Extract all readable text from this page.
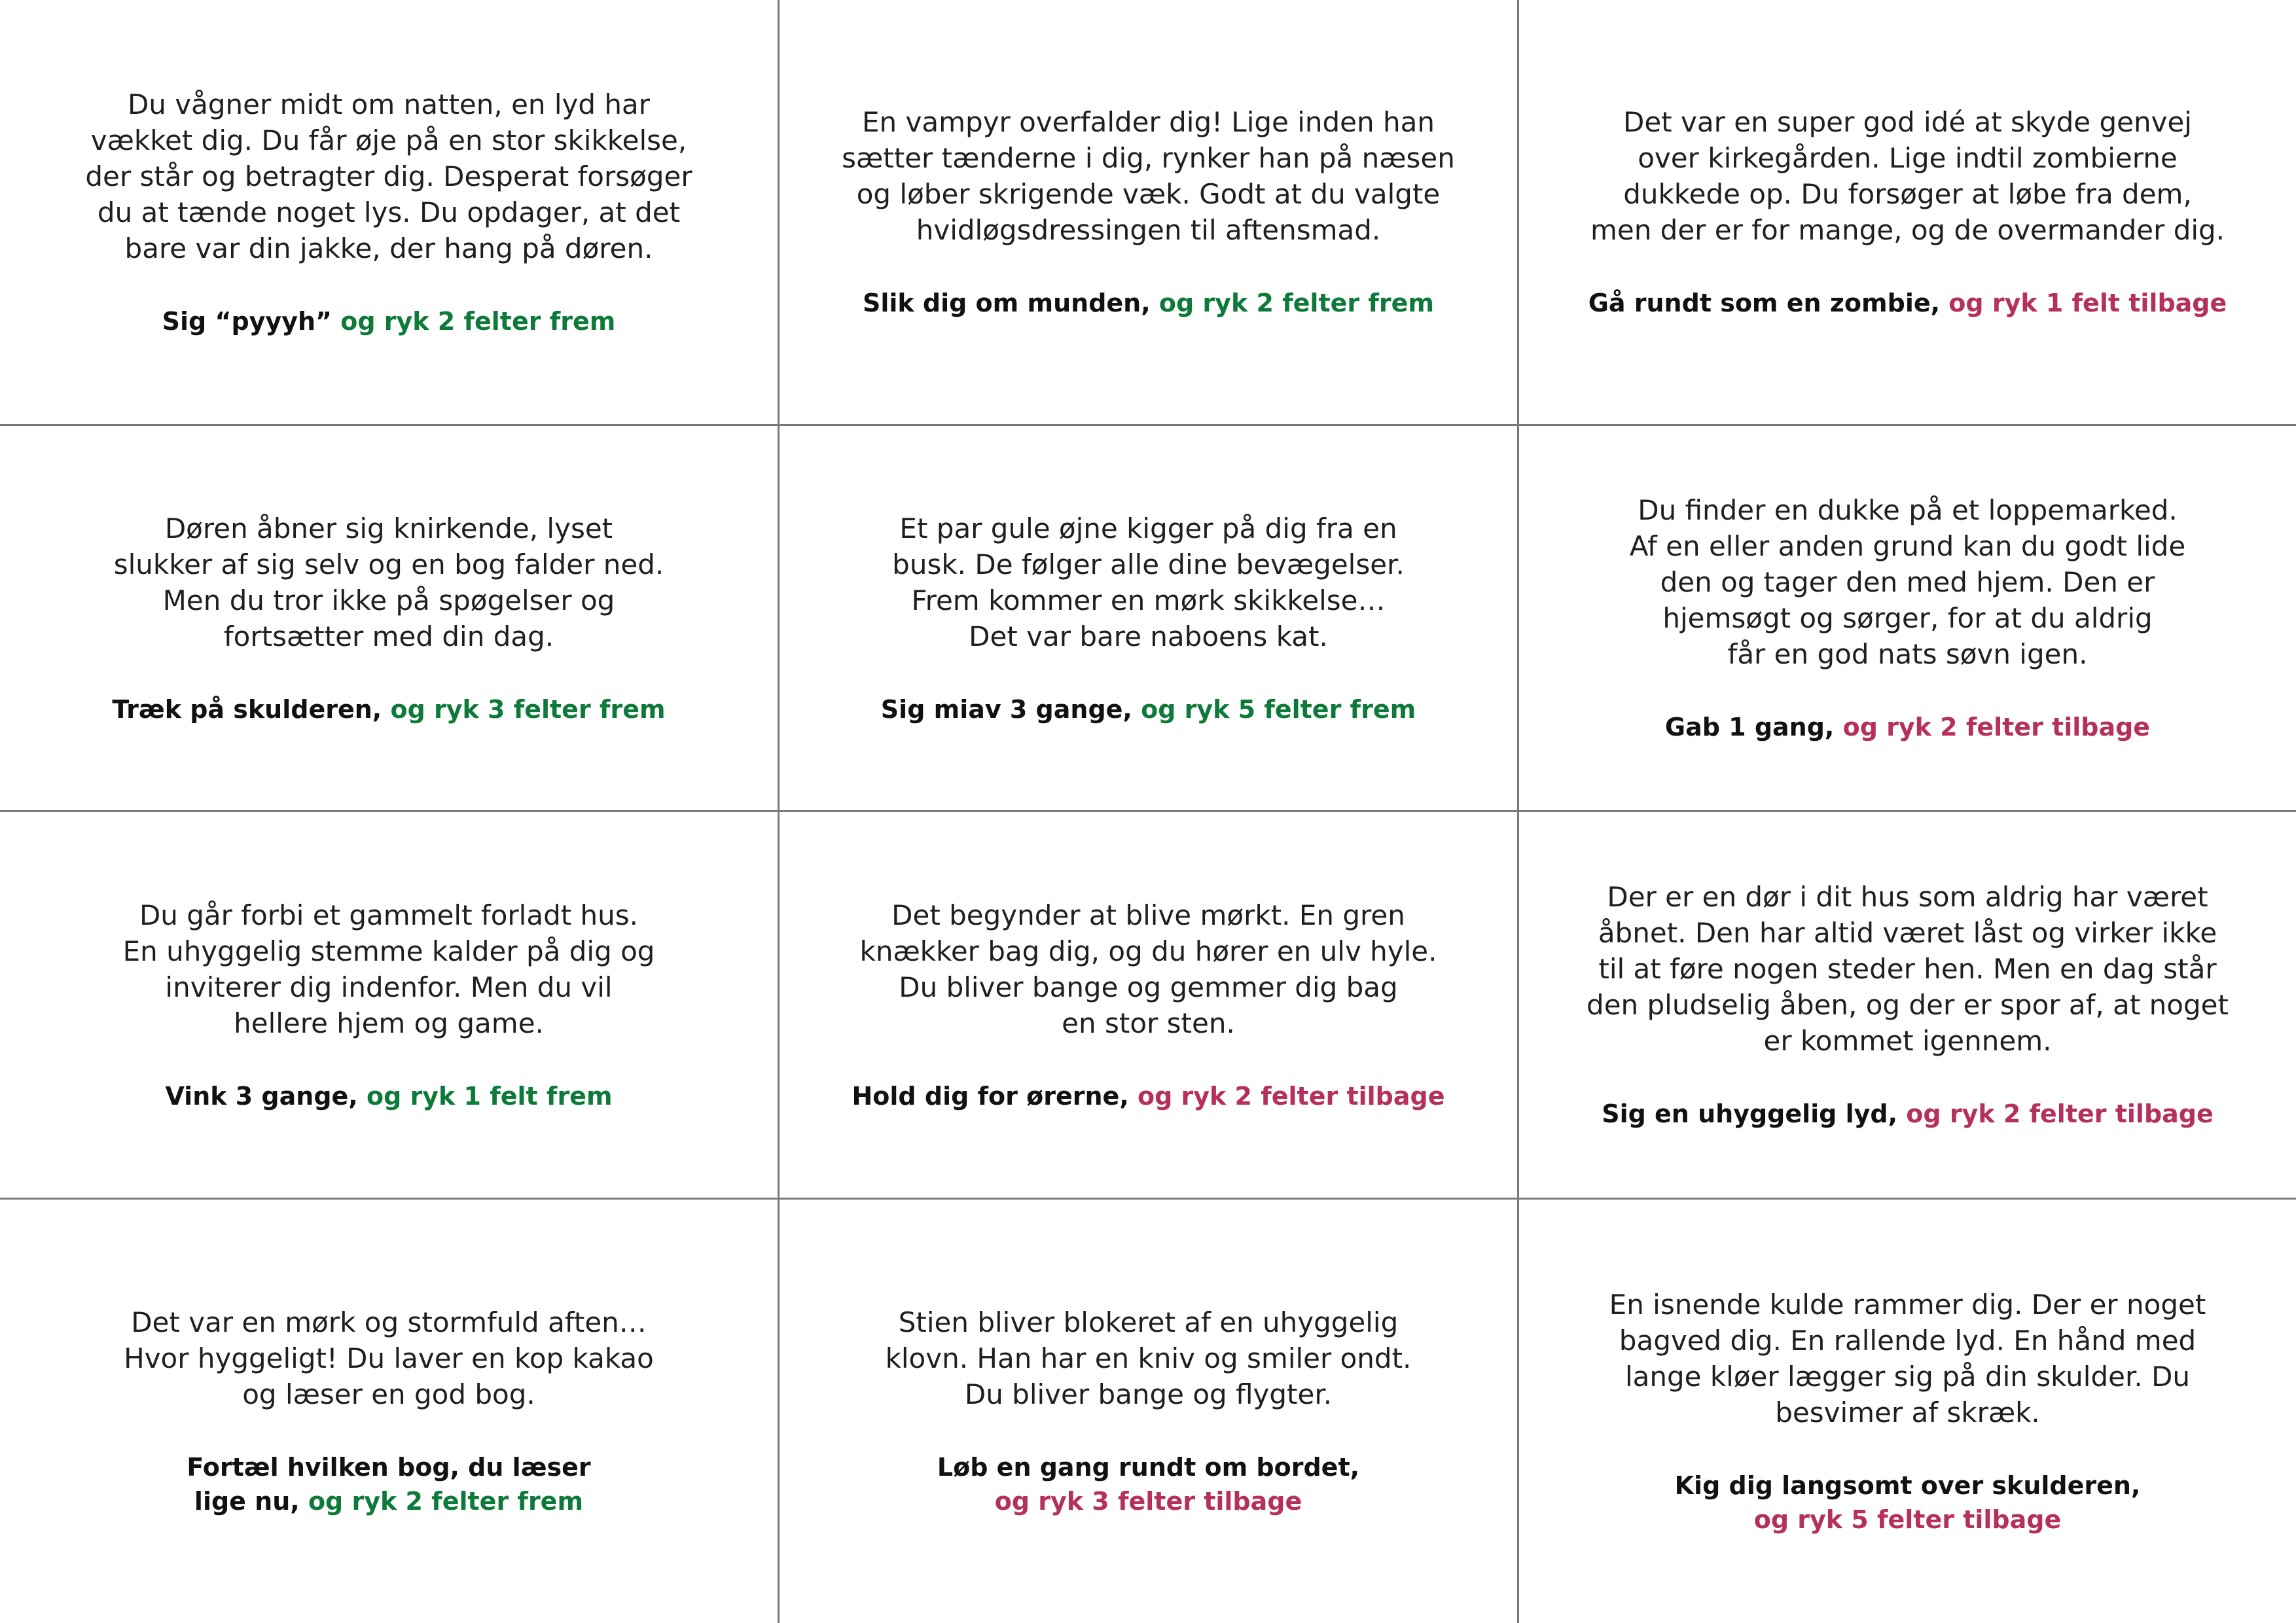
Du vågner midt om natten, en lyd har
vækket dig. Du får øje på en stor skikkelse,
der står og betragter dig. Desperat forsøger
du at tænde noget lys. Du opdager, at det
bare var din jakke, der hang på døren.
Sig “pyyyh” og ryk 2 felter frem
En vampyr overfalder dig! Lige inden han
sætter tænderne i dig, rynker han på næsen
og løber skrigende væk. Godt at du valgte
hvidløgsdressingen til aftensmad.
Slik dig om munden, og ryk 2 felter frem
Det var en super god idé at skyde genvej
over kirkegården. Lige indtil zombierne
dukkede op. Du forsøger at løbe fra dem,
men der er for mange, og de overmander dig.
Gå rundt som en zombie, og ryk 1 felt tilbage
Døren åbner sig knirkende, lyset
slukker af sig selv og en bog falder ned.
Men du tror ikke på spøgelser og
fortsætter med din dag.
Træk på skulderen, og ryk 3 felter frem
Et par gule øjne kigger på dig fra en
busk. De følger alle dine bevægelser.
Frem kommer en mørk skikkelse…
Det var bare naboens kat.
Sig miav 3 gange, og ryk 5 felter frem
Du finder en dukke på et loppemarked.
Af en eller anden grund kan du godt lide
den og tager den med hjem. Den er
hjemsøgt og sørger, for at du aldrig
får en god nats søvn igen.
Gab 1 gang, og ryk 2 felter tilbage
Du går forbi et gammelt forladt hus.
En uhyggelig stemme kalder på dig og
inviterer dig indenfor. Men du vil
hellere hjem og game.
Vink 3 gange, og ryk 1 felt frem
Det begynder at blive mørkt. En gren
knækker bag dig, og du hører en ulv hyle.
Du bliver bange og gemmer dig bag
en stor sten.
Hold dig for ørerne, og ryk 2 felter tilbage
Der er en dør i dit hus som aldrig har været
åbnet. Den har altid været låst og virker ikke
til at føre nogen steder hen. Men en dag står
den pludselig åben, og der er spor af, at noget
er kommet igennem.
Sig en uhyggelig lyd, og ryk 2 felter tilbage
Det var en mørk og stormfuld aften…
Hvor hyggeligt! Du laver en kop kakao
og læser en god bog.
Fortæl hvilken bog, du læser
lige nu, og ryk 2 felter frem
Stien bliver blokeret af en uhyggelig
klovn. Han har en kniv og smiler ondt.
Du bliver bange og flygter.
Løb en gang rundt om bordet,
og ryk 3 felter tilbage
En isnende kulde rammer dig. Der er noget
bagved dig. En rallende lyd. En hånd med
lange kløer lægger sig på din skulder. Du
besvimer af skræk.
Kig dig langsomt over skulderen,
og ryk 5 felter tilbage
